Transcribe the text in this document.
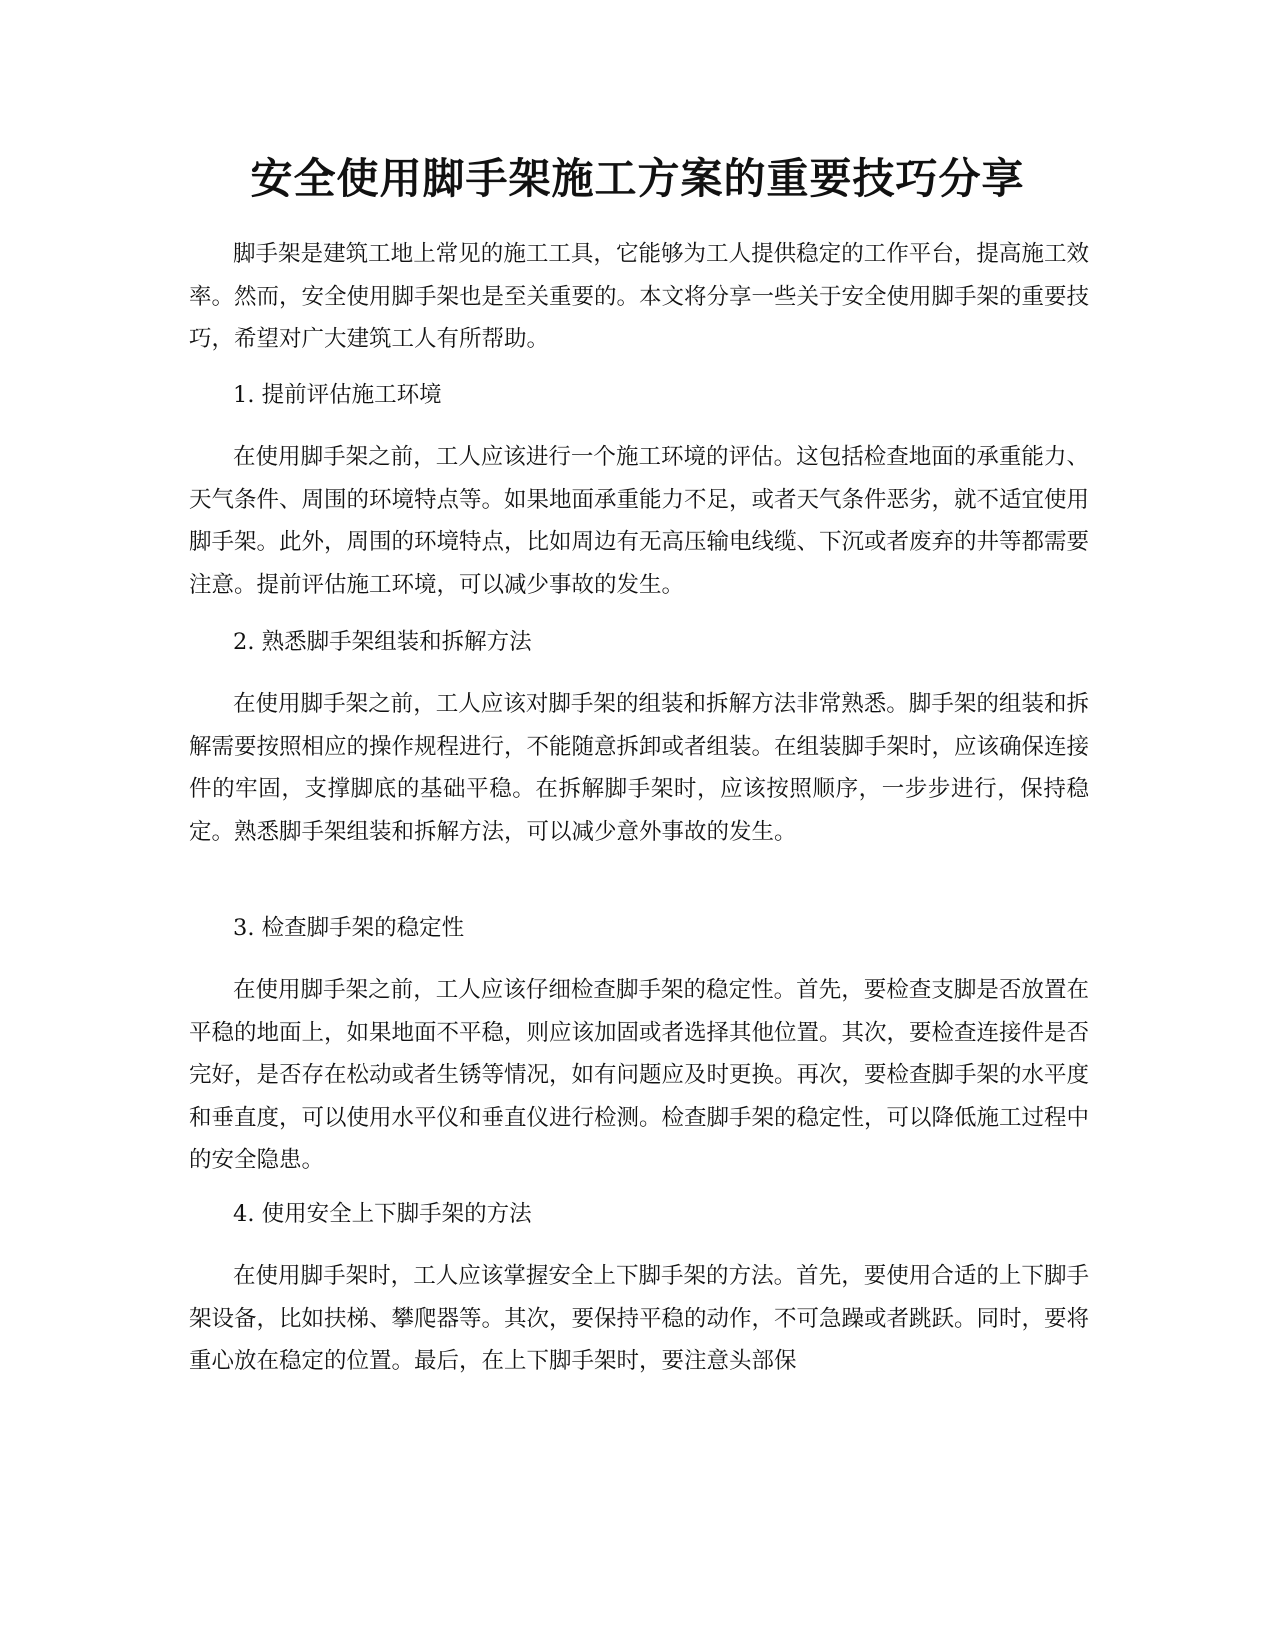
安全使用脚手架施工方案的重要技巧分享

脚手架是建筑工地上常见的施工工具，它能够为工人提供稳定的工作平台，提高施工效率。然而，安全使用脚手架也是至关重要的。本文将分享一些关于安全使用脚手架的重要技巧，希望对广大建筑工人有所帮助。

1. 提前评估施工环境

在使用脚手架之前，工人应该进行一个施工环境的评估。这包括检查地面的承重能力、天气条件、周围的环境特点等。如果地面承重能力不足，或者天气条件恶劣，就不适宜使用脚手架。此外，周围的环境特点，比如周边有无高压输电线缆、下沉或者废弃的井等都需要注意。提前评估施工环境，可以减少事故的发生。

2. 熟悉脚手架组装和拆解方法

在使用脚手架之前，工人应该对脚手架的组装和拆解方法非常熟悉。脚手架的组装和拆解需要按照相应的操作规程进行，不能随意拆卸或者组装。在组装脚手架时，应该确保连接件的牢固，支撑脚底的基础平稳。在拆解脚手架时，应该按照顺序，一步步进行，保持稳定。熟悉脚手架组装和拆解方法，可以减少意外事故的发生。

3. 检查脚手架的稳定性

在使用脚手架之前，工人应该仔细检查脚手架的稳定性。首先，要检查支脚是否放置在平稳的地面上，如果地面不平稳，则应该加固或者选择其他位置。其次，要检查连接件是否完好，是否存在松动或者生锈等情况，如有问题应及时更换。再次，要检查脚手架的水平度和垂直度，可以使用水平仪和垂直仪进行检测。检查脚手架的稳定性，可以降低施工过程中的安全隐患。

4. 使用安全上下脚手架的方法

在使用脚手架时，工人应该掌握安全上下脚手架的方法。首先，要使用合适的上下脚手架设备，比如扶梯、攀爬器等。其次，要保持平稳的动作，不可急躁或者跳跃。同时，要将重心放在稳定的位置。最后，在上下脚手架时，要注意头部保
